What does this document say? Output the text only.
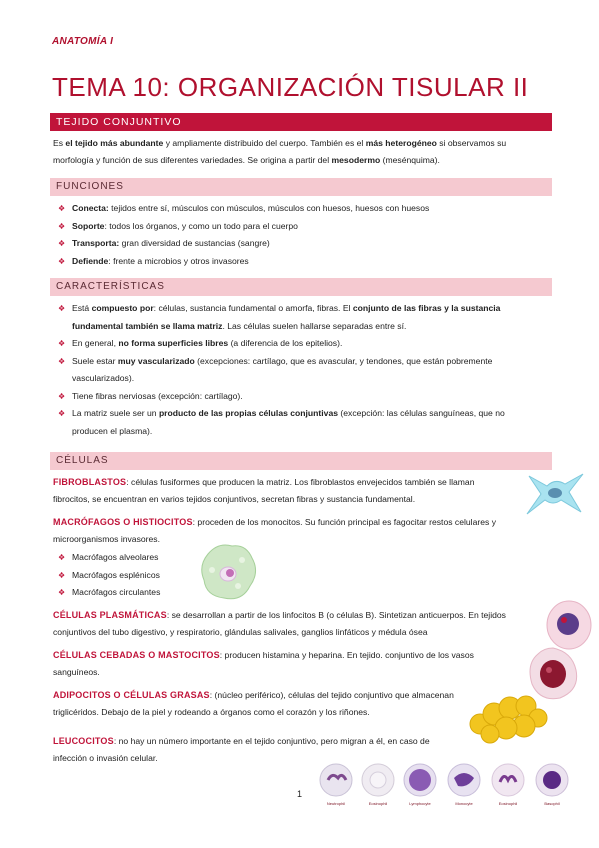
ANATOMÍA I
TEMA 10: ORGANIZACIÓN TISULAR II
TEJIDO CONJUNTIVO
Es el tejido más abundante y ampliamente distribuido del cuerpo. También es el más heterogéneo si observamos su morfología y función de sus diferentes variedades. Se origina a partir del mesodermo (mesénquima).
FUNCIONES
❖ Conecta: tejidos entre sí, músculos con músculos, músculos con huesos, huesos con huesos
❖ Soporte: todos los órganos, y como un todo para el cuerpo
❖ Transporta: gran diversidad de sustancias (sangre)
❖ Defiende: frente a microbios y otros invasores
CARACTERÍSTICAS
❖ Está compuesto por: células, sustancia fundamental o amorfa, fibras. El conjunto de las fibras y la sustancia fundamental también se llama matriz. Las células suelen hallarse separadas entre sí.
❖ En general, no forma superficies libres (a diferencia de los epitelios).
❖ Suele estar muy vascularizado (excepciones: cartílago, que es avascular, y tendones, que están pobremente vascularizados).
❖ Tiene fibras nerviosas (excepción: cartílago).
❖ La matriz suele ser un producto de las propias células conjuntivas (excepción: las células sanguíneas, que no producen el plasma).
CÉLULAS
FIBROBLASTOS: células fusiformes que producen la matriz. Los fibroblastos envejecidos también se llaman fibrocitos, se encuentran en varios tejidos conjuntivos, secretan fibras y sustancia fundamental.
MACRÓFAGOS O HISTIOCITOS: proceden de los monocitos. Su función principal es fagocitar restos celulares y microorganismos invasores.
❖ Macrófagos alveolares
❖ Macrófagos esplénicos
❖ Macrófagos circulantes
CÉLULAS PLASMÁTICAS: se desarrollan a partir de los linfocitos B (o células B). Sintetizan anticuerpos. En tejidos conjuntivos del tubo digestivo, y respiratorio, glándulas salivales, ganglios linfáticos y médula ósea
CÉLULAS CEBADAS O MASTOCITOS: producen histamina y heparina. En tejido. conjuntivo de los vasos sanguíneos.
ADIPOCITOS O CÉLULAS GRASAS: (núcleo periférico), células del tejido conjuntivo que almacenan triglicéridos. Debajo de la piel y rodeando a órganos como el corazón y los riñones.
LEUCOCITOS: no hay un número importante en el tejido conjuntivo, pero migran a él, en caso de infección o invasión celular.
Neutrophil	Eosinophil	Lymphocyte	Monocyte	Eosinophil	Basophil
1
